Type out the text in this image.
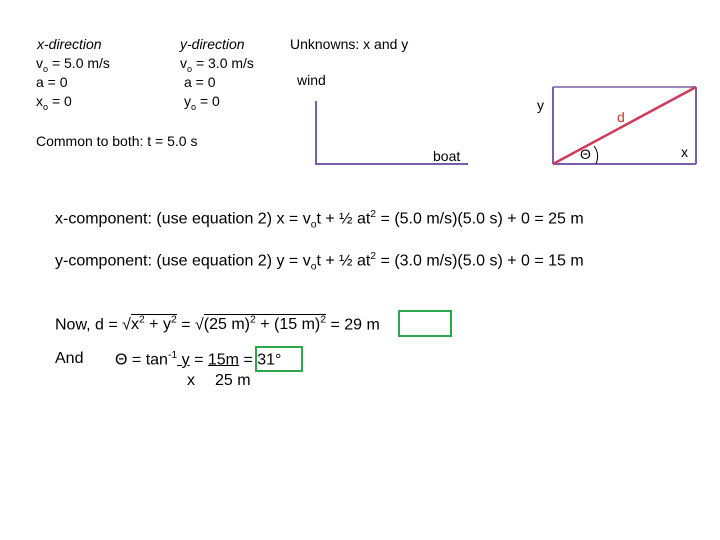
x-direction
$v_o = 5.0$ m/s
a = 0
$x_o = 0$
y-direction
$v_o = 3.0$ m/s
a = 0
$y_o = 0$
Unknowns: x and y
Common to both: t = 5.0 s
wind
boat
y
d
x
Θ
x-component: (use equation 2) $x = v_ot$ + ½ $at^2 = (5.0$ m/s)(5.0 s) + 0 = 25 m
y-component: (use equation 2) $y = v_ot$ + ½ $at^2 = (3.0$ m/s)(5.0 s) + 0 = 15 m
Now, $d = √x^2 + y^2 = √(25$ m)$^2$ + (15 m)$^2$ = 29 m
And $\Theta = \tan^{-1} y = 15m = 31^\circ$
x 25 m
